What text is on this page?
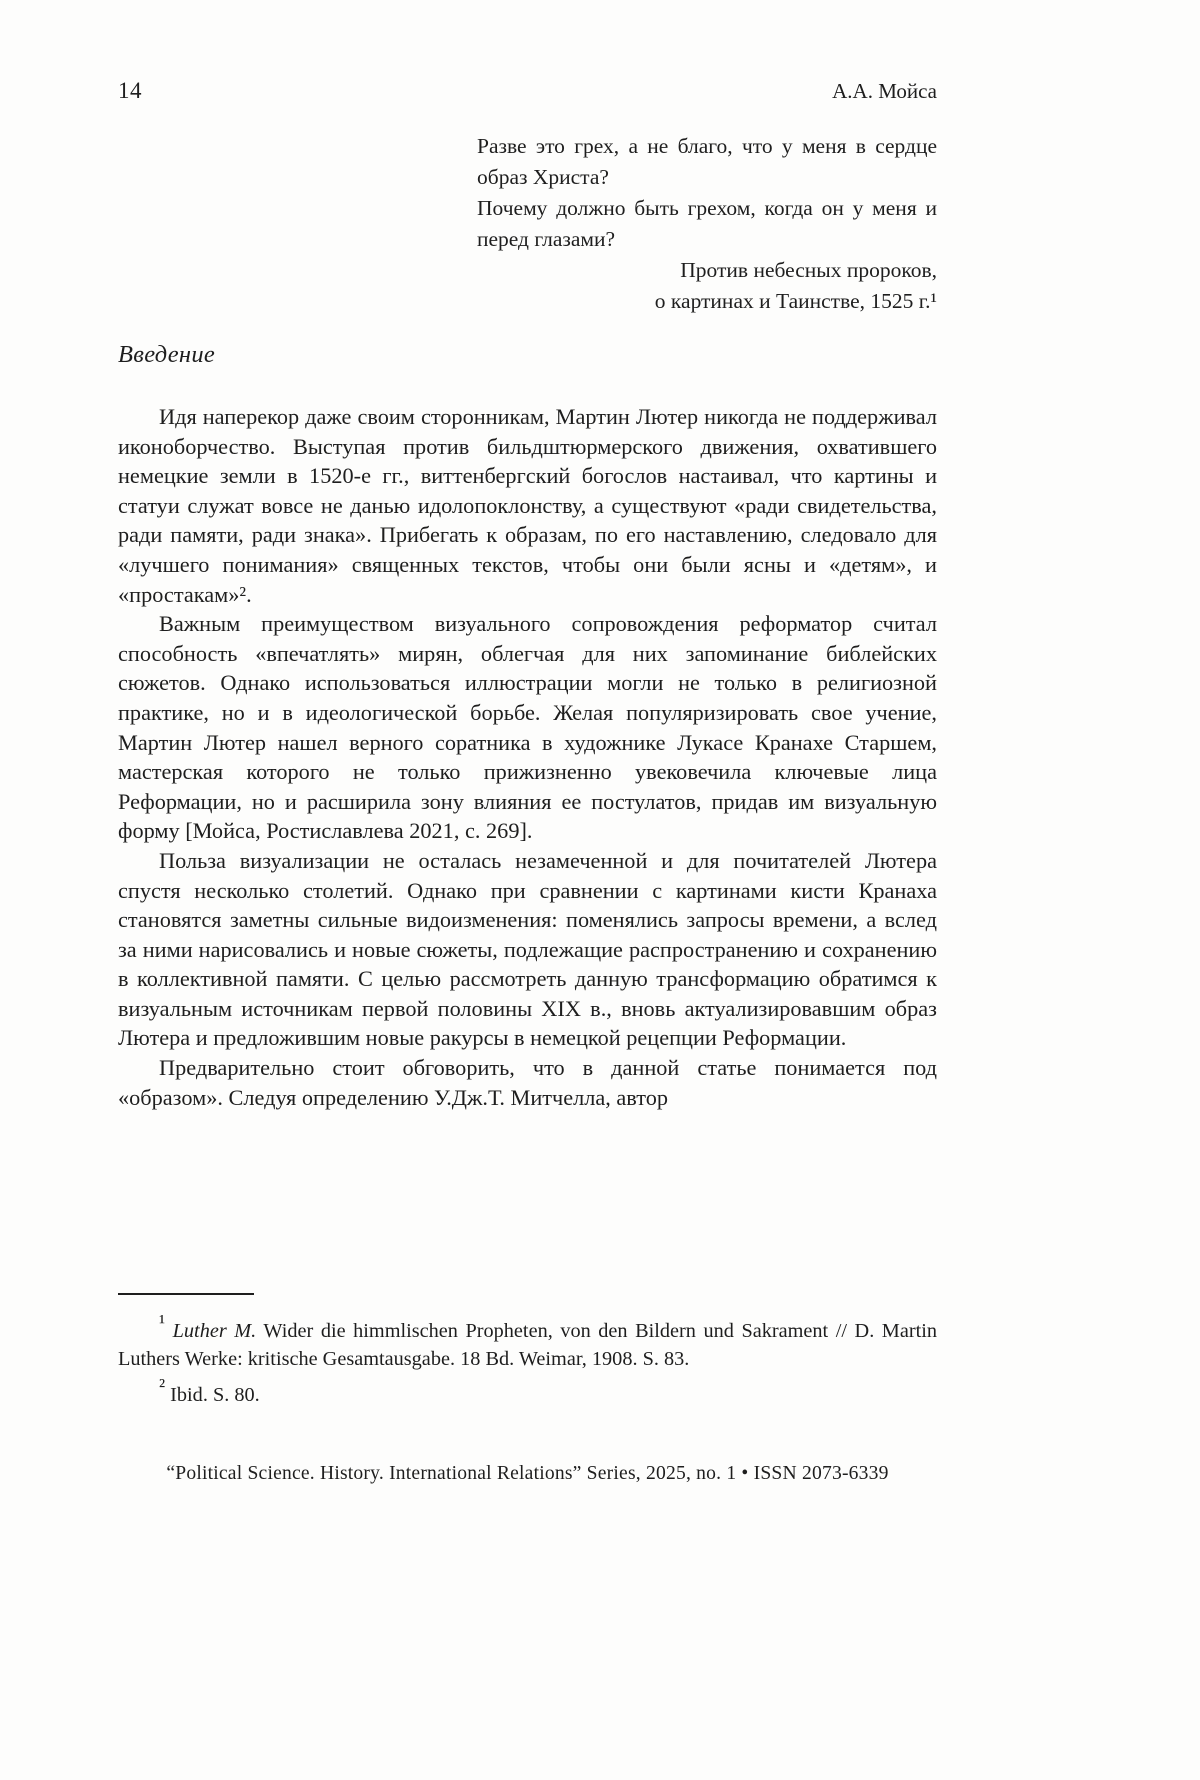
14	А.А. Мойса

Разве это грех, а не благо, что у меня в сердце образ Христа?

Почему должно быть грехом, когда он у меня и перед глазами?

Против небесных пророков,

о картинах и Таинстве, 1525 г.¹

Введение

Идя наперекор даже своим сторонникам, Мартин Лютер никогда не поддерживал иконоборчество. Выступая против бильдштюрмерского движения, охватившего немецкие земли в 1520-е гг., виттенбергский богослов настаивал, что картины и статуи служат вовсе не данью идолопоклонству, а существуют «ради свидетельства, ради памяти, ради знака». Прибегать к образам, по его наставлению, следовало для «лучшего понимания» священных текстов, чтобы они были ясны и «детям», и «простакам»².

Важным преимуществом визуального сопровождения реформатор считал способность «впечатлять» мирян, облегчая для них запоминание библейских сюжетов. Однако использоваться иллюстрации могли не только в религиозной практике, но и в идеологической борьбе. Желая популяризировать свое учение, Мартин Лютер нашел верного соратника в художнике Лукасе Кранахе Старшем, мастерская которого не только прижизненно увековечила ключевые лица Реформации, но и расширила зону влияния ее постулатов, придав им визуальную форму [Мойса, Ростиславлева 2021, с. 269].

Польза визуализации не осталась незамеченной и для почитателей Лютера спустя несколько столетий. Однако при сравнении с картинами кисти Кранаха становятся заметны сильные видоизменения: поменялись запросы времени, а вслед за ними нарисовались и новые сюжеты, подлежащие распространению и сохранению в коллективной памяти. С целью рассмотреть данную трансформацию обратимся к визуальным источникам первой половины XIX в., вновь актуализировавшим образ Лютера и предложившим новые ракурсы в немецкой рецепции Реформации.

Предварительно стоит обговорить, что в данной статье понимается под «образом». Следуя определению У.Дж.Т. Митчелла, автор

$^{^1}$ Luther M. Wider die himmlischen Propheten, von den Bildern und Sakrament // D. Martin Luthers Werke: kritische Gesamtausgabe. 18 Bd. Weimar, 1908. S. 83.

$^{^2}$ Ibid. S. 80.

“Political Science. History. International Relations” Series, 2025, no. 1 • ISSN 2073-6339
